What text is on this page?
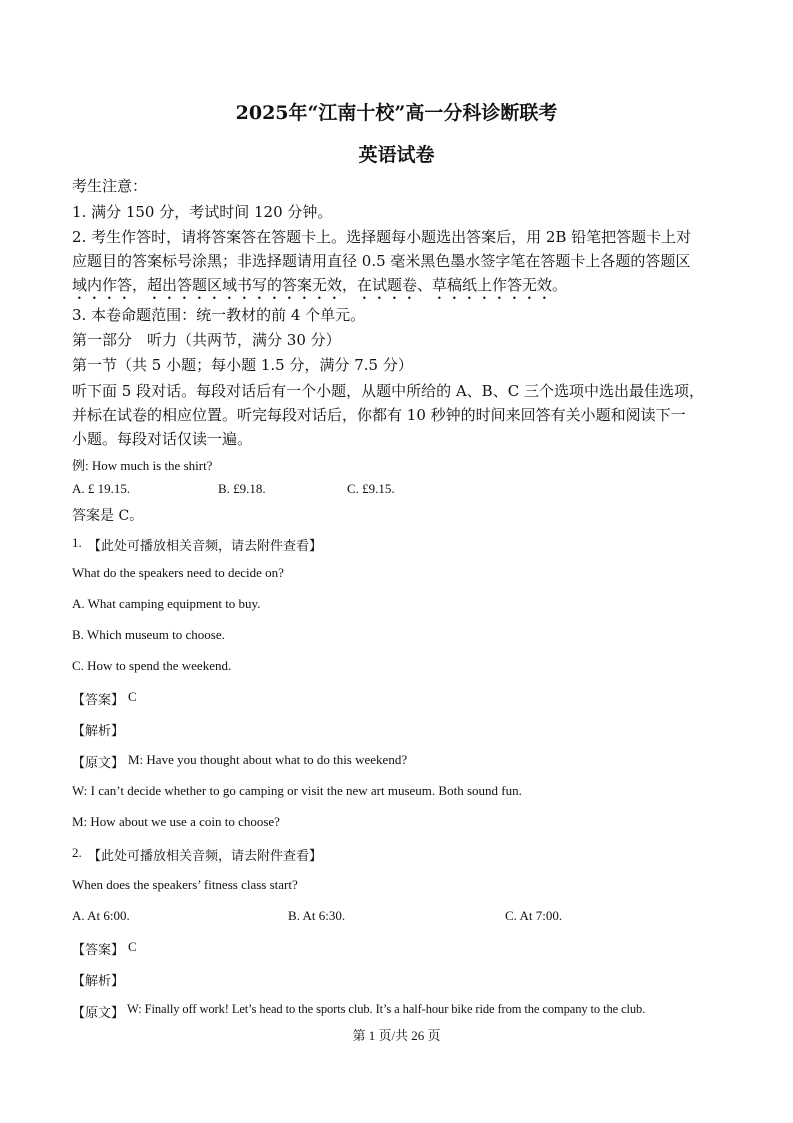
2025年“江南十校”高一分科诊断联考
英语试卷
考生注意：
1. 满分 150 分，考试时间 120 分钟。
2. 考生作答时，请将答案答在答题卡上。选择题每小题选出答案后，用 2B 铅笔把答题卡上对
应题目的答案标号涂黑；非选择题请用直径 0.5 毫米黑色墨水签字笔在答题卡上各题的答题区
域内作答，超出答题区域书写的答案无效，在试题卷、草稿纸上作答无效。
3. 本卷命题范围：统一教材的前 4 个单元。
第一部分　听力（共两节，满分 30 分）
第一节（共 5 小题；每小题 1.5 分，满分 7.5 分）
听下面 5 段对话。每段对话后有一个小题，从题中所给的 A、B、C 三个选项中选出最佳选项，
并标在试卷的相应位置。听完每段对话后，你都有 10 秒钟的时间来回答有关小题和阅读下一
小题。每段对话仅读一遍。
例: How much is the shirt?
A. £ 19.15.	B. £9.18.	C. £9.15.
答案是 C。
1. 【此处可播放相关音频，请去附件查看】
What do the speakers need to decide on?
A. What camping equipment to buy.
B. Which museum to choose.
C. How to spend the weekend.
【答案】 C
【解析】
【原文】 M: Have you thought about what to do this weekend?
W: I can’t decide whether to go camping or visit the new art museum. Both sound fun.
M: How about we use a coin to choose?
2. 【此处可播放相关音频，请去附件查看】
When does the speakers’ fitness class start?
A. At 6:00.	B. At 6:30.	C. At 7:00.
【答案】 C
【解析】
【原文】 W: Finally off work! Let’s head to the sports club. It’s a half-hour bike ride from the company to the club.
第 1 页/共 26 页
